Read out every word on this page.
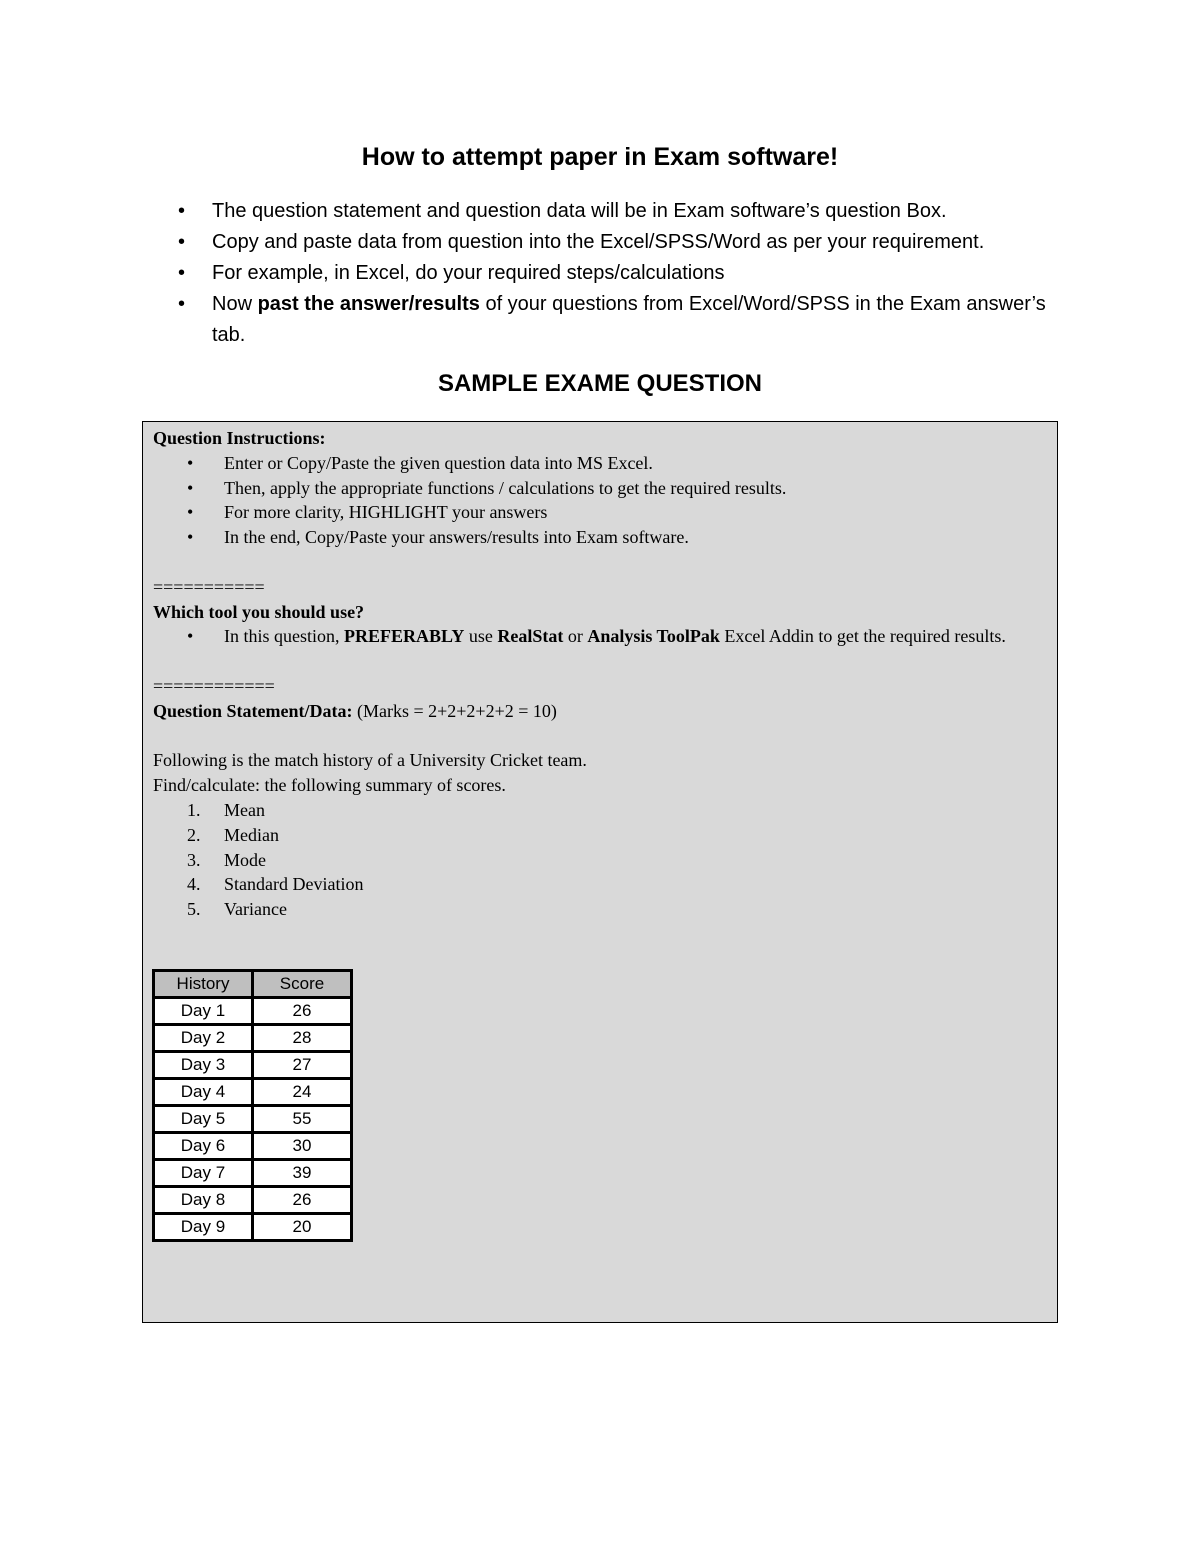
How to attempt paper in Exam software!
• The question statement and question data will be in Exam software’s question Box.
• Copy and paste data from question into the Excel/SPSS/Word as per your requirement.
• For example, in Excel, do your required steps/calculations
• Now past the answer/results of your questions from Excel/Word/SPSS in the Exam answer’s tab.
SAMPLE EXAME QUESTION
Question Instructions:
• Enter or Copy/Paste the given question data into MS Excel.
• Then, apply the appropriate functions / calculations to get the required results.
• For more clarity, HIGHLIGHT your answers
• In the end, Copy/Paste your answers/results into Exam software.
===========
Which tool you should use?
• In this question, PREFERABLY use RealStat or Analysis ToolPak Excel Addin to get the required results.
============
Question Statement/Data: (Marks = 2+2+2+2+2 = 10)
Following is the match history of a University Cricket team.
Find/calculate: the following summary of scores.
1. Mean
2. Median
3. Mode
4. Standard Deviation
5. Variance
History	Score
Day 1	26
Day 2	28
Day 3	27
Day 4	24
Day 5	55
Day 6	30
Day 7	39
Day 8	26
Day 9	20
